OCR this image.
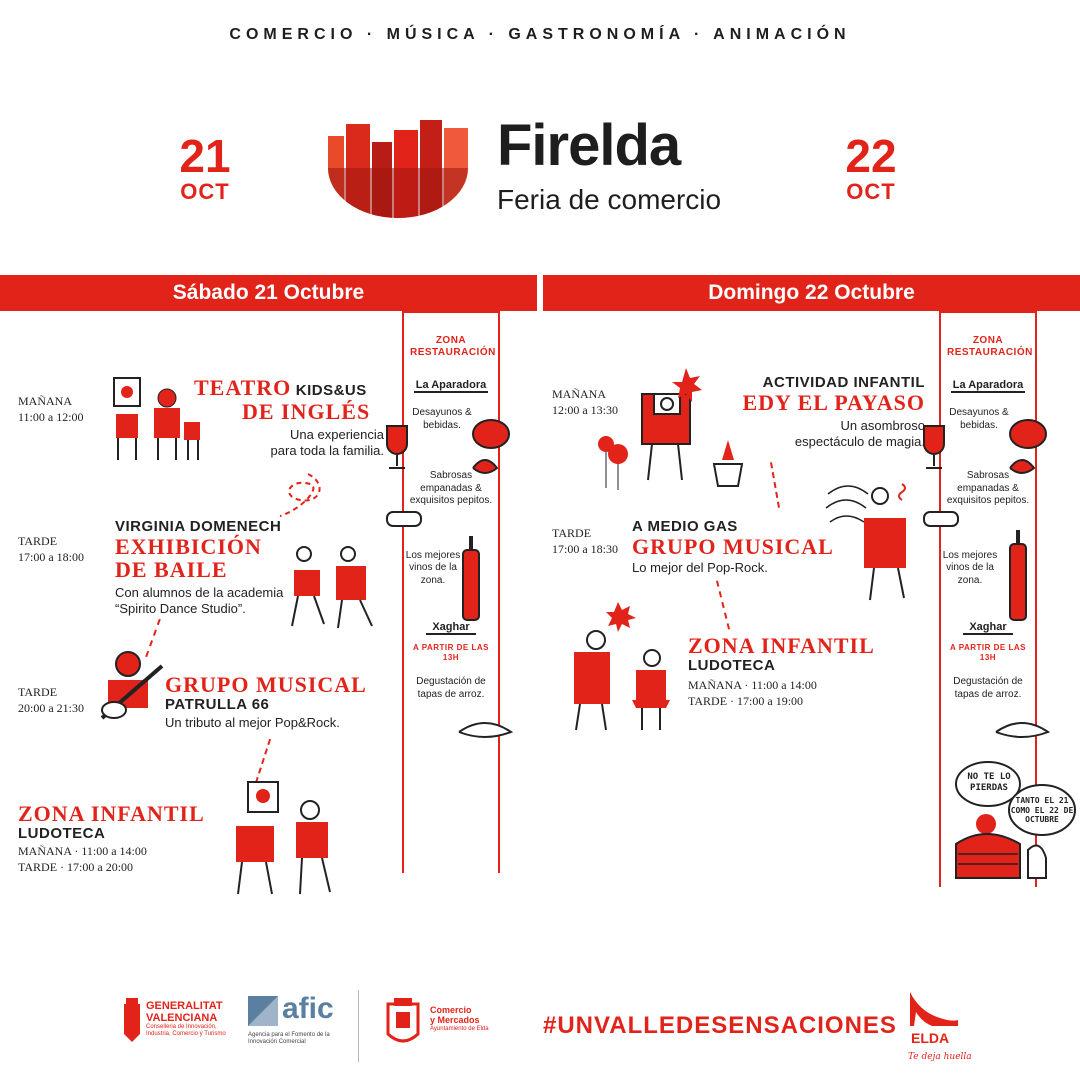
COMERCIO · MÚSICA · GASTRONOMÍA · ANIMACIÓN
21
OCT
22
OCT
Firelda
Feria de comercio
Sábado 21 Octubre	Domingo 22 Octubre
ZONA RESTAURACIÓN
La Aparadora
Desayunos & bebidas.
Sabrosas empanadas & exquisitos pepitos.
Los mejores vinos de la zona.
Xaghar
A PARTIR DE LAS 13H
Degustación de tapas de arroz.
ZONA RESTAURACIÓN
La Aparadora
Desayunos & bebidas.
Sabrosas empanadas & exquisitos pepitos.
Los mejores vinos de la zona.
Xaghar
A PARTIR DE LAS 13H
Degustación de tapas de arroz.
MAÑANA
11:00 a 12:00
TEATRO KIDS&US
DE INGLÉS
Una experiencia
para toda la familia.
TARDE
17:00 a 18:00
VIRGINIA DOMENECH
EXHIBICIÓN
DE BAILE
Con alumnos de la academia
“Spirito Dance Studio”.
TARDE
20:00 a 21:30
GRUPO MUSICAL
PATRULLA 66
Un tributo al mejor Pop&Rock.
ZONA INFANTIL
LUDOTECA
MAÑANA · 11:00 a 14:00
TARDE · 17:00 a 20:00
MAÑANA
12:00 a 13:30
ACTIVIDAD INFANTIL
EDY EL PAYASO
Un asombroso
espectáculo de magia.
TARDE
17:00 a 18:30
A MEDIO GAS
GRUPO MUSICAL
Lo mejor del Pop-Rock.
ZONA INFANTIL
LUDOTECA
MAÑANA · 11:00 a 14:00
TARDE · 17:00 a 19:00
NO TE LO PIERDAS
TANTO EL 21 COMO EL 22 DE OCTUBRE
GENERALITAT
VALENCIANA
Conselleria de Innovación, Industria, Comercio y Turismo
afic
Agencia para el Fomento de la Innovación Comercial
Comercio
y Mercados
Ayuntamiento de Elda #UNVALLEDESENSACIONES ELDA
Te deja huella
